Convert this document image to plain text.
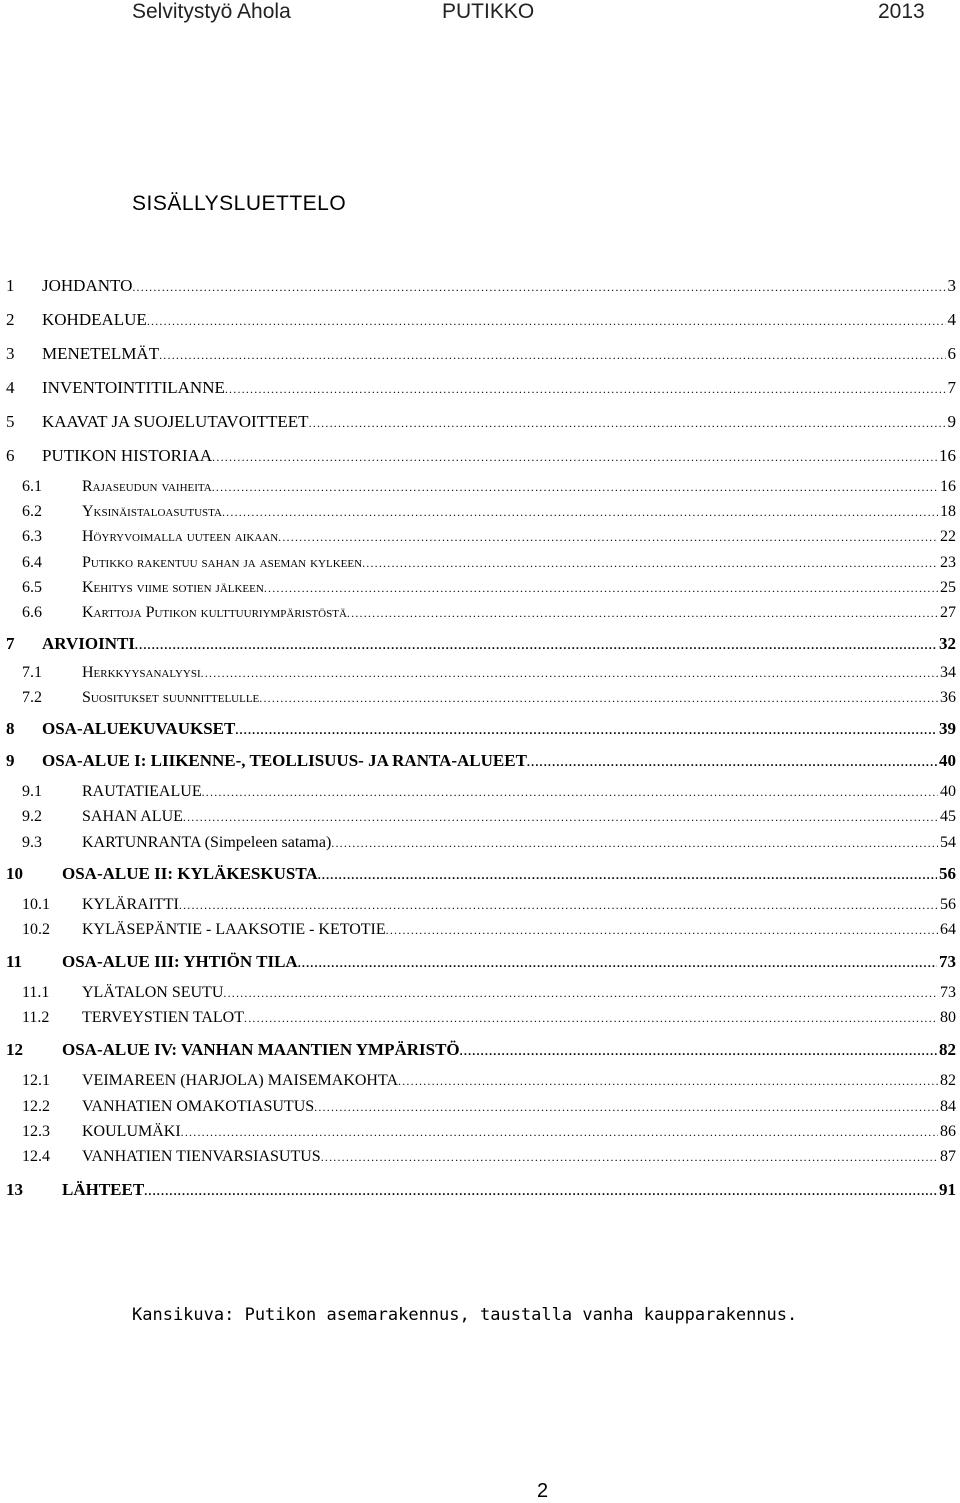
Selvitystyö Ahola	PUTIKKO	2013
SISÄLLYSLUETTELO
1 JOHDANTO .....	3
2 KOHDEALUE .....	4
3 MENETELMÄT .....	6
4 INVENTOINTITILANNE .....	7
5 KAAVAT JA SUOJELUTAVOITTEET .....	9
6 PUTIKON HISTORIAA .....	16
6.1	Rajaseudun vaiheita .....	16
6.2	Yksinäistaloasutusta .....	18
6.3	Höyryvoimalla uuteen aikaan .....	22
6.4	Putikko rakentuu sahan ja aseman kylkeen .....	23
6.5	Kehitys viime sotien jälkeen .....	25
6.6	Karttoja Putikon kulttuuriympäristöstä .....	27
7 ARVIOINTI .....	32
7.1	Herkkyysanalyysi .....	34
7.2	Suositukset suunnittelulle .....	36
8 OSA-ALUEKUVAUKSET .....	39
9 OSA-ALUE I: LIIKENNE-, TEOLLISUUS- JA RANTA-ALUEET .....	40
9.1	RAUTATIEALUE .....	40
9.2	SAHAN ALUE .....	45
9.3	KARTUNRANTA (Simpeleen satama) .....	54
10 OSA-ALUE II: KYLÄKESKUSTA .....	56
10.1 KYLÄRAITTI .....	56
10.2 KYLÄSEPÄNTIE - LAAKSOTIE - KETOTIE .....	64
11 OSA-ALUE III: YHTIÖN TILA .....	73
11.1 YLÄTALON SEUTU .....	73
11.2 TERVEYSTIEN TALOT .....	80
12 OSA-ALUE IV: VANHAN MAANTIEN YMPÄRISTÖ .....	82
12.1 VEIMAREEN (HARJOLA) MAISEMAKOHTA .....	82
12.2 VANHATIEN OMAKOTIASUTUS .....	84
12.3 KOULUMÄKI .....	86
12.4 VANHATIEN TIENVARSIASUTUS .....	87
13 LÄHTEET .....	91
Kansikuva: Putikon asemarakennus, taustalla vanha kaupparakennus.
2
